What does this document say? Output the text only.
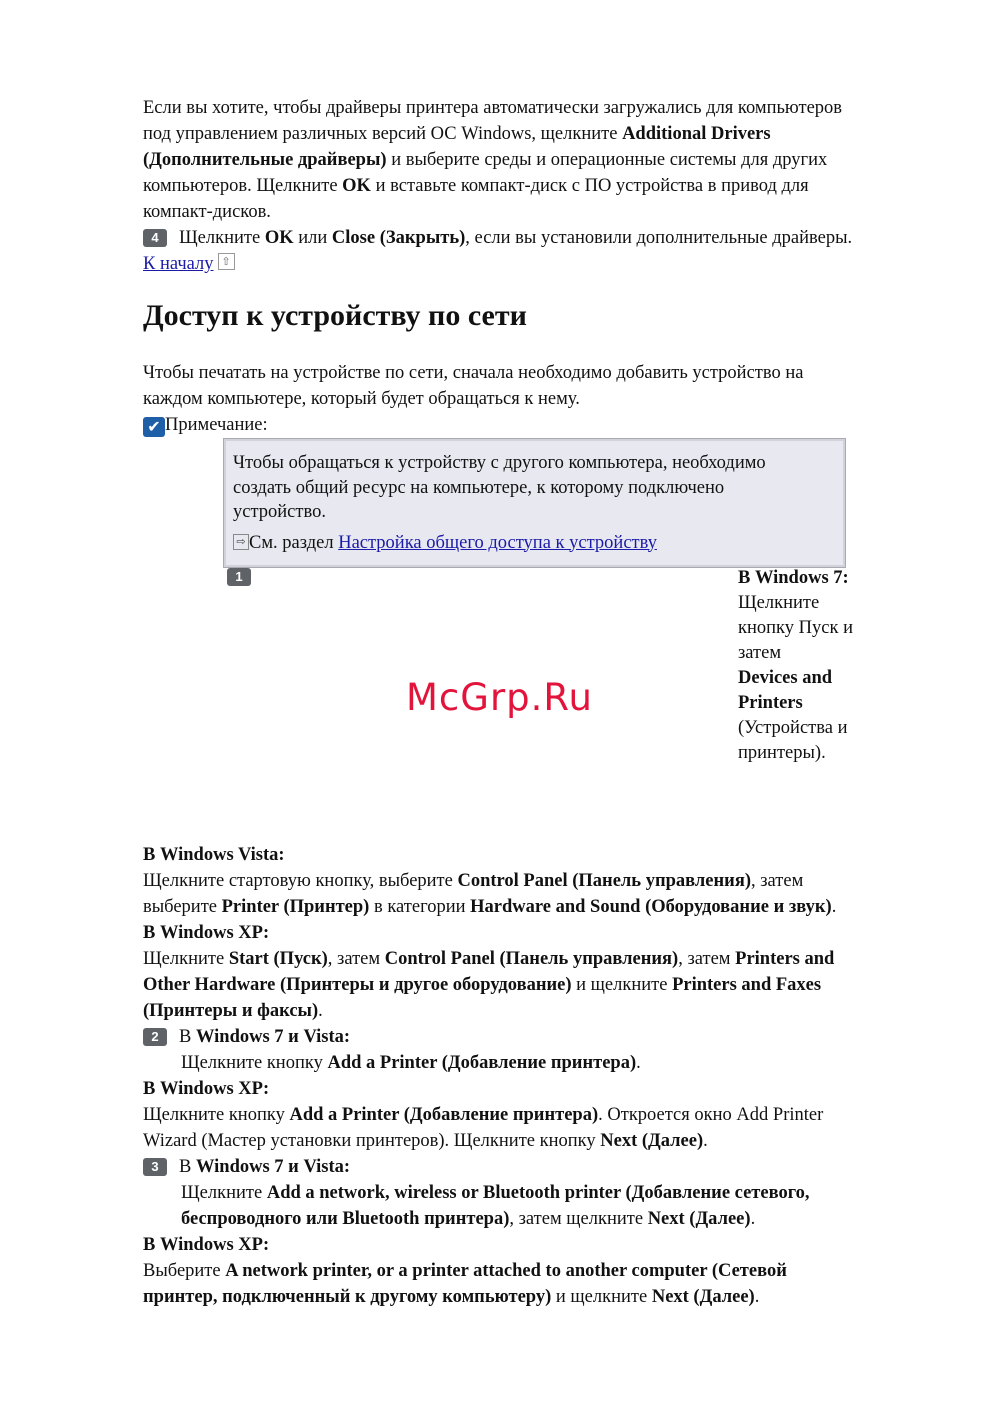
Если вы хотите, чтобы драйверы принтера автоматически загружались для компьютеров

под управлением различных версий ОС Windows, щелкните Additional Drivers

(Дополнительные драйверы) и выберите среды и операционные системы для других

компьютеров. Щелкните OK и вставьте компакт-диск с ПО устройства в привод для

компакт-дисков.

4 Щелкните OK или Close (Закрыть), если вы установили дополнительные драйверы.

К началу ⇧

Доступ к устройству по сети

Чтобы печатать на устройстве по сети, сначала необходимо добавить устройство на

каждом компьютере, который будет обращаться к нему.

✔ Примечание:

Чтобы обращаться к устройству с другого компьютера, необходимо
создать общий ресурс на компьютере, к которому подключено
устройство.
⇨ См. раздел Настройка общего доступа к устройству
1	В Windows 7:
Щелкните кнопку Пуск и затем
Devices and Printers
(Устройства и принтеры).
McGrp.Ru

В Windows Vista:

Щелкните стартовую кнопку, выберите Control Panel (Панель управления), затем

выберите Printer (Принтер) в категории Hardware and Sound (Оборудование и звук).

В Windows XP:

Щелкните Start (Пуск), затем Control Panel (Панель управления), затем Printers and

Other Hardware (Принтеры и другое оборудование) и щелкните Printers and Faxes

(Принтеры и факсы).

2 В Windows 7 и Vista:

Щелкните кнопку Add a Printer (Добавление принтера).

В Windows XP:

Щелкните кнопку Add a Printer (Добавление принтера). Откроется окно Add Printer

Wizard (Мастер установки принтеров). Щелкните кнопку Next (Далее).

3 В Windows 7 и Vista:

Щелкните Add a network, wireless or Bluetooth printer (Добавление сетевого,

беспроводного или Bluetooth принтера), затем щелкните Next (Далее).

В Windows XP:

Выберите A network printer, or a printer attached to another computer (Сетевой

принтер, подключенный к другому компьютеру) и щелкните Next (Далее).
